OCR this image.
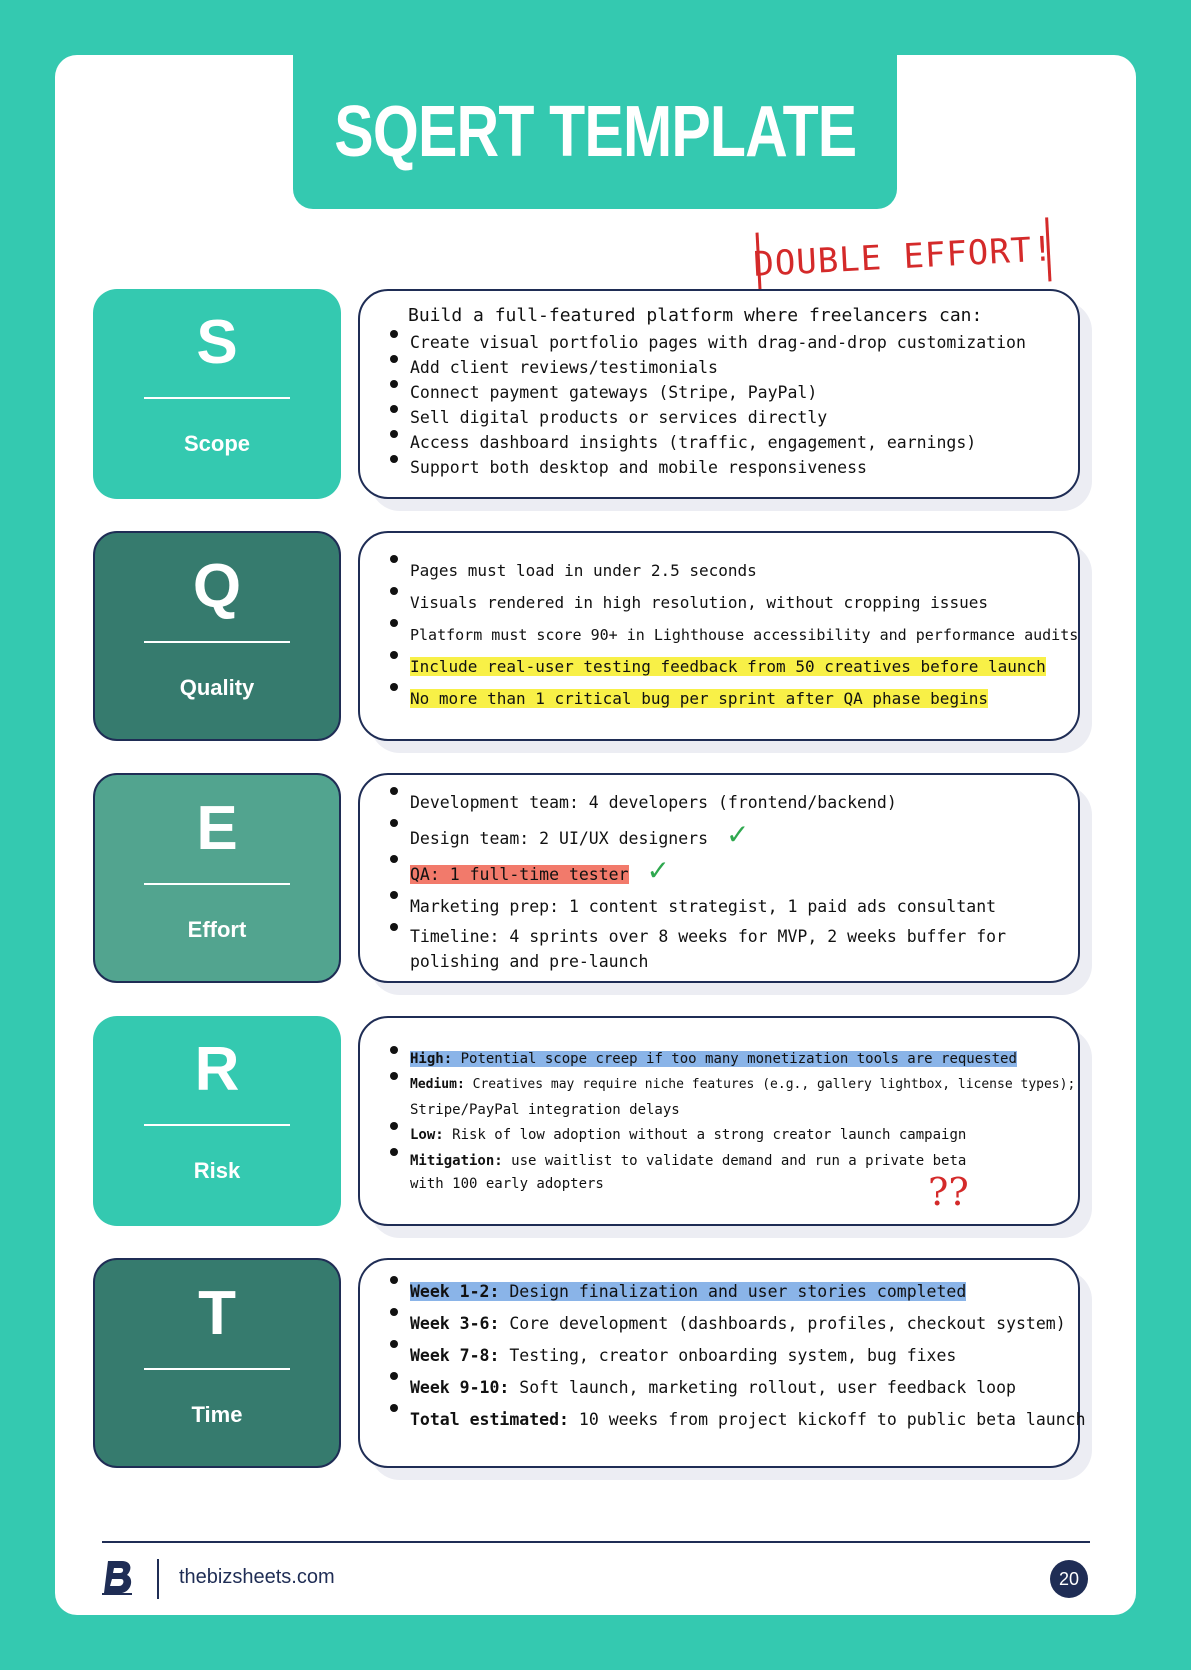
SQERT TEMPLATE
DOUBLE EFFORT!
S
Scope
Build a full-featured platform where freelancers can:
Create visual portfolio pages with drag-and-drop customization
Add client reviews/testimonials
Connect payment gateways (Stripe, PayPal)
Sell digital products or services directly
Access dashboard insights (traffic, engagement, earnings)
Support both desktop and mobile responsiveness
Q
Quality
Pages must load in under 2.5 seconds
Visuals rendered in high resolution, without cropping issues
Platform must score 90+ in Lighthouse accessibility and performance audits
Include real-user testing feedback from 50 creatives before launch
No more than 1 critical bug per sprint after QA phase begins
E
Effort
Development team: 4 developers (frontend/backend)
Design team: 2 UI/UX designers ✓
QA: 1 full-time tester ✓
Marketing prep: 1 content strategist, 1 paid ads consultant
Timeline: 4 sprints over 8 weeks for MVP, 2 weeks buffer for
polishing and pre-launch
R
Risk
High: Potential scope creep if too many monetization tools are requested
Medium: Creatives may require niche features (e.g., gallery lightbox, license types);
Stripe/PayPal integration delays
Low: Risk of low adoption without a strong creator launch campaign
Mitigation: use waitlist to validate demand and run a private beta
with 100 early adopters	??
T
Time
Week 1-2: Design finalization and user stories completed
Week 3-6: Core development (dashboards, profiles, checkout system)
Week 7-8: Testing, creator onboarding system, bug fixes
Week 9-10: Soft launch, marketing rollout, user feedback loop
Total estimated: 10 weeks from project kickoff to public beta launch
thebizsheets.com	20
